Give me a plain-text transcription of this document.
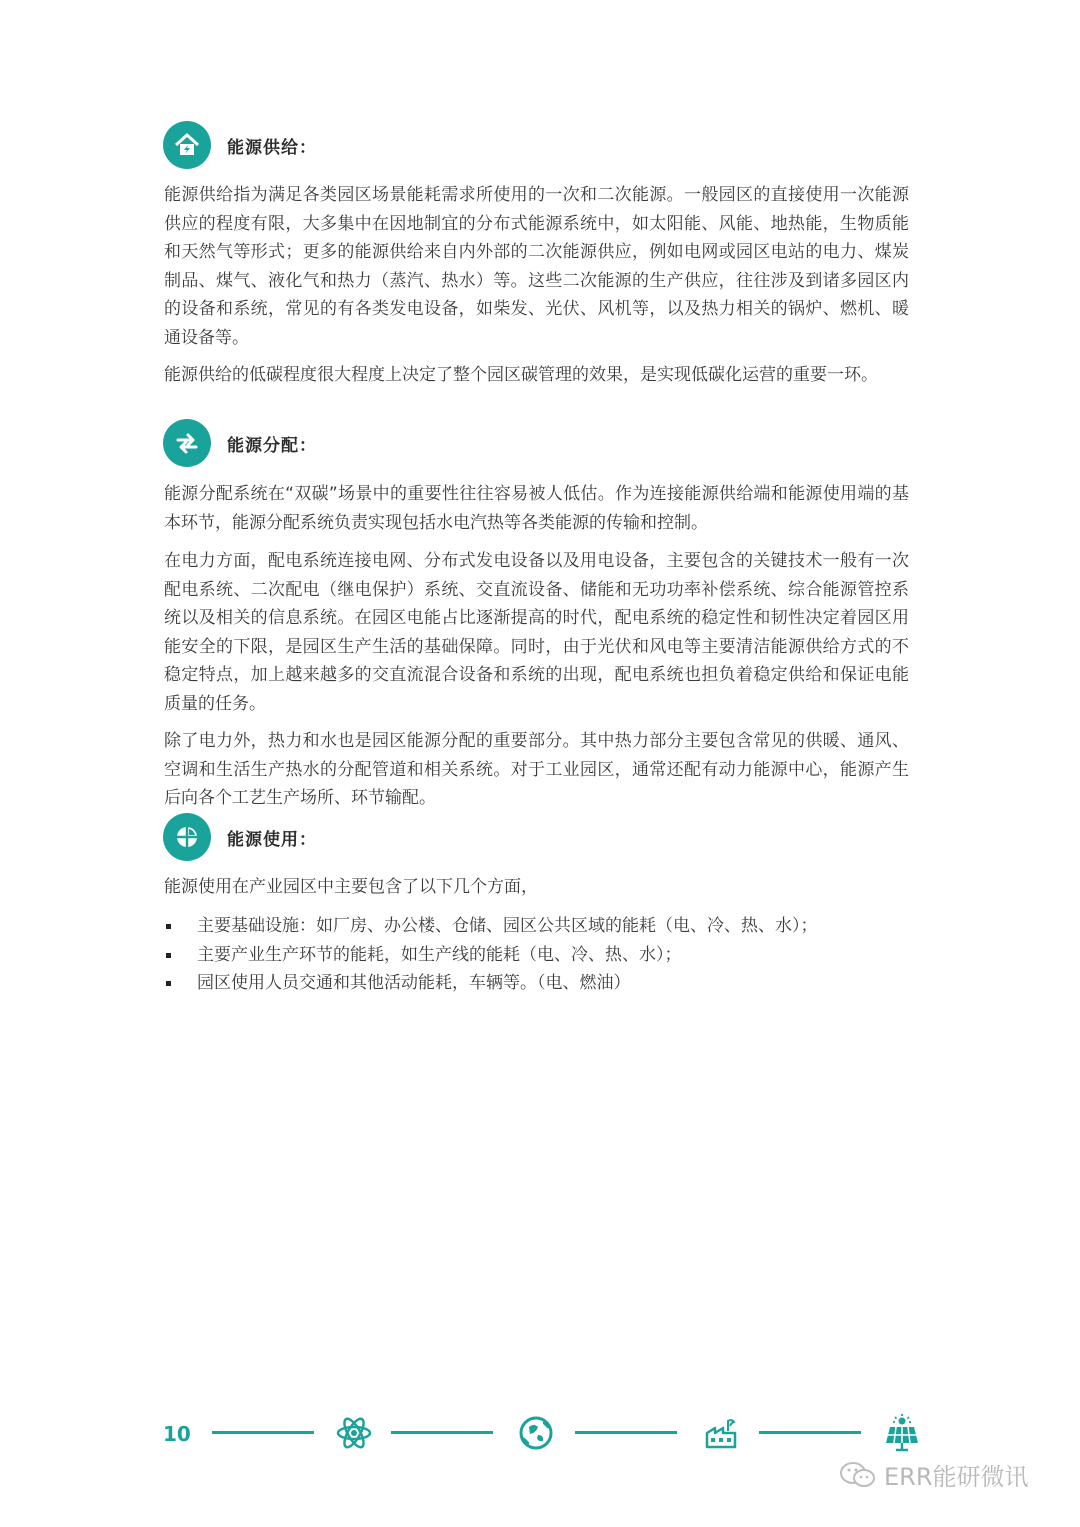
能源供给：

能源供给指为满足各类园区场景能耗需求所使用的一次和二次能源。一般园区的直接使用一次能源供应的程度有限，大多集中在因地制宜的分布式能源系统中，如太阳能、风能、地热能，生物质能和天然气等形式；更多的能源供给来自内外部的二次能源供应，例如电网或园区电站的电力、煤炭制品、煤气、液化气和热力（蒸汽、热水）等。这些二次能源的生产供应，往往涉及到诸多园区内的设备和系统，常见的有各类发电设备，如柴发、光伏、风机等，以及热力相关的锅炉、燃机、暖通设备等。

能源供给的低碳程度很大程度上决定了整个园区碳管理的效果，是实现低碳化运营的重要一环。

能源分配：

能源分配系统在“双碳”场景中的重要性往往容易被人低估。作为连接能源供给端和能源使用端的基本环节，能源分配系统负责实现包括水电汽热等各类能源的传输和控制。

在电力方面，配电系统连接电网、分布式发电设备以及用电设备，主要包含的关键技术一般有一次配电系统、二次配电（继电保护）系统、交直流设备、储能和无功功率补偿系统、综合能源管控系统以及相关的信息系统。在园区电能占比逐渐提高的时代，配电系统的稳定性和韧性决定着园区用能安全的下限，是园区生产生活的基础保障。同时，由于光伏和风电等主要清洁能源供给方式的不稳定特点，加上越来越多的交直流混合设备和系统的出现，配电系统也担负着稳定供给和保证电能质量的任务。

除了电力外，热力和水也是园区能源分配的重要部分。其中热力部分主要包含常见的供暖、通风、空调和生活生产热水的分配管道和相关系统。对于工业园区，通常还配有动力能源中心，能源产生后向各个工艺生产场所、环节输配。

能源使用：

能源使用在产业园区中主要包含了以下几个方面，

主要基础设施：如厂房、办公楼、仓储、园区公共区域的能耗（电、冷、热、水）；
主要产业生产环节的能耗，如生产线的能耗（电、冷、热、水）；
园区使用人员交通和其他活动能耗，车辆等。（电、燃油）
10
ERR能研微讯
